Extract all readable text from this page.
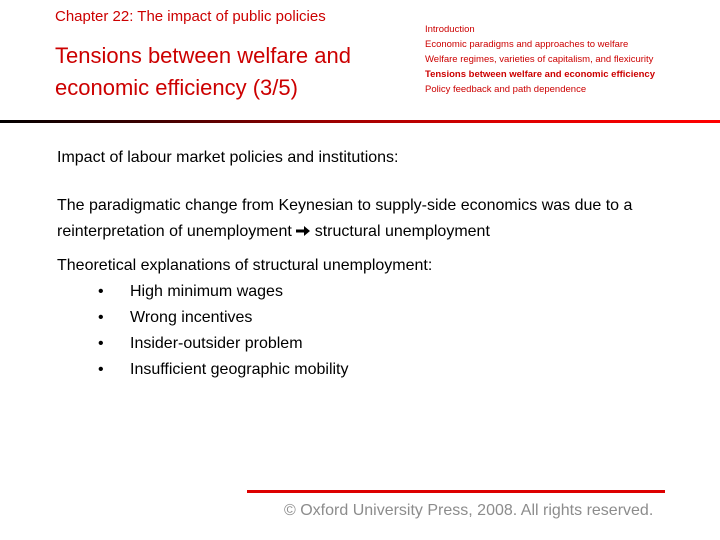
Chapter 22: The impact of public policies
Tensions between welfare and economic efficiency (3/5)
Introduction
Economic paradigms and approaches to welfare
Welfare regimes, varieties of capitalism, and flexicurity
Tensions between welfare and economic efficiency
Policy feedback and path dependence

Impact of labour market policies and institutions:

The paradigmatic change from Keynesian to supply-side economics was due to a reinterpretation of unemployment structural unemployment

Theoretical explanations of structural unemployment:

• High minimum wages
• Wrong incentives
• Insider-outsider problem
• Insufficient geographic mobility
© Oxford University Press, 2008. All rights reserved.
